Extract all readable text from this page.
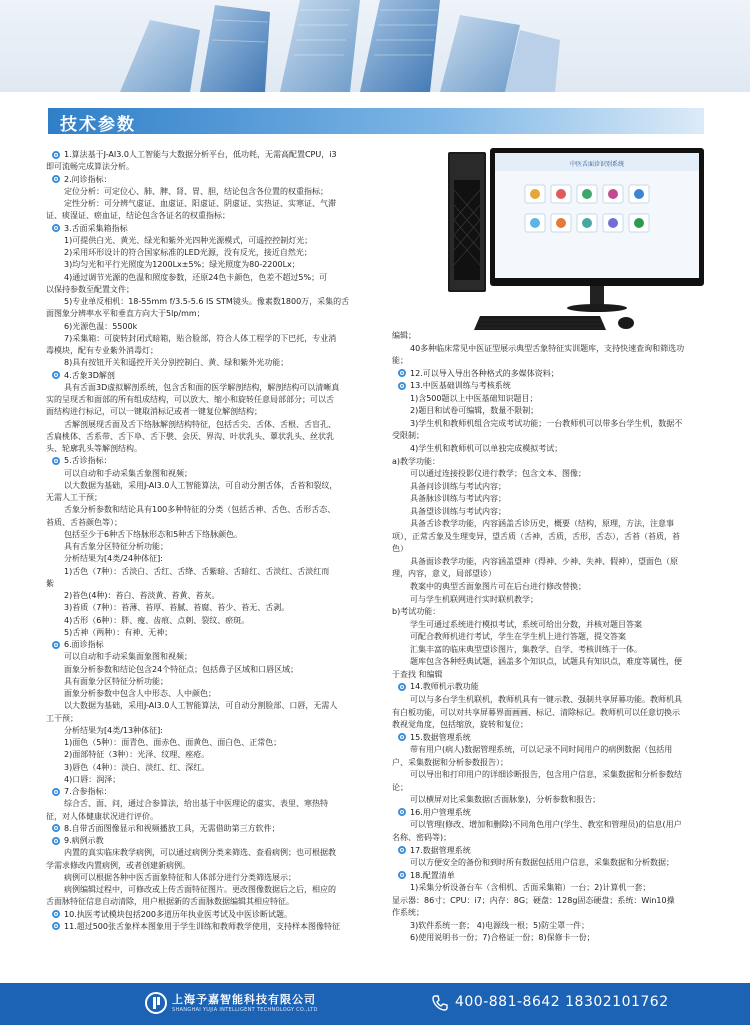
技术参数
中医舌面诊识别系统
1.算法基于J-AI3.0人工智能与大数据分析平台，低功耗，无需高配置CPU，i3
即可流畅完成算法分析。
2.问诊指标：
定位分析：可定位心、肺、脾、肾、胃、胆，结论包含各位置的权重指标；
定性分析：可分辨气虚证、血虚证、阳虚证、阴虚证、实热证、实寒证、气滞
证、痰湿证、瘀血证，结论包含各证名的权重指标；
3.舌面采集箱指标
1)可提供白光、黄光、绿光和紫外光四种光源模式，可遥控控制灯光；
2)采用环形设计的符合国家标准的LED光源，没有反光，接近自然光；
3)均匀光和平行光照度为1200Lx±5%；绿光照度为80-2200Lx；
4)通过调节光源的色温和照度参数，还原24色卡颜色，色差不超过5%；可
以保持参数至配置文件；
5)专业单反相机：18-55mm f/3.5-5.6 IS STM镜头。像素数1800万，采集的舌
面图象分辨率水平和垂直方向大于5lp/mm；
6)光源色温：5500k
7)采集箱：可旋转封闭式暗箱，贴合脸部，符合人体工程学的下巴托，专业消
毒模块，配有专业紫外消毒灯；
8)具有按钮开关和遥控开关分别控制白、黄、绿和紫外光功能；
4.舌象3D解剖
具有舌面3D虚拟解剖系统，包含舌和面的医学解剖结构，解剖结构可以清晰真
实的呈现舌和面部的所有组成结构，可以放大、缩小和旋转任意局部部分；可以舌
面结构进行标记，可以一键取消标记或者一键复位解剖结构；
舌解剖展现舌面及舌下络脉解剖结构特征，包括舌尖、舌体、舌根、舌盲孔、
舌扁桃体、舌系带、舌下阜、舌下襞、会厌、界沟、叶状乳头、蕈状乳头、丝状乳
头、轮廓乳头等解剖结构。
5.舌诊指标：
可以自动和手动采集舌象图和视频；
以大数据为基础，采用J-AI3.0人工智能算法，可自动分割舌体，舌苔和裂纹，
无需人工干预；
舌象分析参数和结论具有100多种特征的分类（包括舌神、舌色、舌形舌态、
苔质、舌苔颜色等）；
包括至少于6种舌下络脉形态和5种舌下络脉颜色。
具有舌象分区特征分析功能；
分析结果为[4类/24种体征]:
1)舌色（7种）：舌淡白、舌红、舌绛、舌紫暗、舌暗红、舌淡红、舌淡红而
紫
2)苔色(4种)：苔白、苔淡黄、苔黄、苔灰。
3)苔质（7种）：苔薄、苔厚、苔腻、苔腐、苔少、苔无、舌剥。
4)舌形（6种）：胖、瘦、齿痕、点刺、裂纹、瘀斑。
5)舌神（两种）：有神、无神；
6.面诊指标
可以自动和手动采集面象图和视频；
面象分析参数和结论包含24个特征点；包括鼻子区域和口唇区域；
具有面象分区特征分析功能；
面象分析参数中包含人中形态、人中颜色；
以大数据为基础，采用J-AI3.0人工智能算法，可自动分割脸部、口唇，无需人
工干预；
分析结果为[4类/13种体征]:
1)面色（5种）：面青色、面赤色、面黄色、面白色、正常色；
2)面部特征（3种）：光泽、纹理、痤疮。
3)唇色（4种）：淡白、淡红、红、深红。
4)口唇：润泽；
7.合参指标：
综合舌、面、问，通过合参算法，给出基于中医理论的虚实、表里、寒热特
征，对人体健康状况进行评价。
8.自带舌面图像显示和视频播放工具，无需借助第三方软件；
9.病例示教
内置的真实临床教学病例，可以通过病例分类来筛选、查看病例；也可根据教
学需求修改内置病例，或者创建新病例。
病例可以根据各种中医舌面象特征和人体部分进行分类筛选展示；
病例编辑过程中，可修改或上传舌面特征图片。更改图像数据后之后，相应的
舌面脉特征信息自动清除，用户根据新的舌面脉数据编辑其相应特征。
10.执医考试模块包括200多道历年执业医考试及中医诊断试题。
11.超过500张舌象样本图象用于学生训练和教师教学使用，支持样本图像特征
编辑；
40多种临床常见中医证型展示典型舌象特征实训题库，支持快速查询和筛选功
能；
12.可以导入导出各种格式的多媒体资料；
13.中医基础训练与考核系统
1)含500题以上中医基础知识题目；
2)题目和试卷可编辑，数量不限制；
3)学生机和教师机组合完成考试功能；一台教师机可以带多台学生机，数据不
受限制；
4)学生机和教师机可以单独完成模拟考试；
a)教学功能：
可以通过连接投影仪进行教学；包含文本、图像；
具备问诊训练与考试内容；
具备脉诊训练与考试内容；
具备望诊训练与考试内容；
具备舌诊教学功能，内容涵盖舌诊历史，概要（结构，原理，方法，注意事
项），正常舌象及生理变异，望舌质（舌神，舌质，舌形，舌态），舌苔（苔质，苔
色）
具备面诊教学功能，内容涵盖望神（得神、少神、失神、假神），望面色（原
理，内容，意义，局部望诊）
教案中的典型舌面象图片可在后台进行修改替换；
可与学生机联网进行实时联机教学；
b)考试功能：
学生可通过系统进行模拟考试，系统可给出分数，并核对题目答案
可配合教师机进行考试，学生在学生机上进行答题，提交答案
汇集丰富的临床典型望诊图片，集教学、自学、考核训练于一体。
题库包含各种经典试题，涵盖多个知识点，试题具有知识点，难度等属性，便
于查找 和编辑
14.教师机示教功能
可以与多台学生机联机，教师机具有一键示教、强制共享屏幕功能。教师机具
有白板功能，可以对共享屏幕界面画画、标记、清除标记。教师机可以任意切换示
教视觉角度，包括缩放，旋转和复位；
15.数据管理系统
带有用户(病人)数据管理系统，可以记录不同时间用户的病例数据（包括用
户、采集数据和分析参数报告）；
可以导出和打印用户的详细诊断报告，包含用户信息，采集数据和分析参数结
论；
可以横屏对比采集数据(舌面脉象)，分析参数和报告；
16.用户管理系统
可以管理(修改、增加和删除)不同角色用户(学生、教室和管理员)的信息(用户
名称、密码等)；
17.数据管理系统
可以方便安全的备份和到时所有数据包括用户信息，采集数据和分析数据；
18.配置清单
1)采集分析设备台车（含相机、舌面采集箱）一台；2)计算机一套；
显示器：86寸；CPU：i7；内存：8G；硬盘：128g固态硬盘；系统：Win10操
作系统；
3)软件系统一套； 4)电源线一根；5)防尘罩一件；
6)使用说明书一份；7)合格证一份；8)保修卡一份；
上海予嘉智能科技有限公司
SHANGHAI YUJIA INTELLIGENT TECHNOLOGY CO.,LTD	400-881-8642 18302101762
